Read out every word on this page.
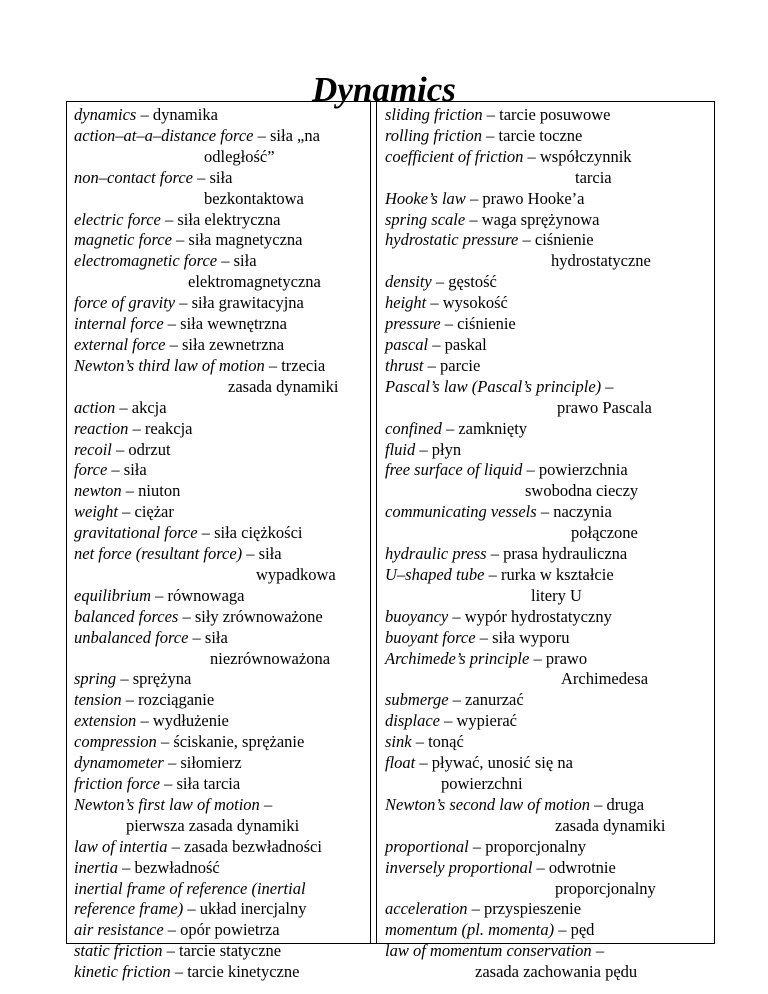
Dynamics

dynamics – dynamika

action–at–a–distance force – siła „na

odległość”

non–contact force – siła

bezkontaktowa

electric force – siła elektryczna

magnetic force – siła magnetyczna

electromagnetic force – siła

elektromagnetyczna

force of gravity – siła grawitacyjna

internal force – siła wewnętrzna

external force – siła zewnetrzna

Newton’s third law of motion – trzecia

zasada dynamiki

action – akcja

reaction – reakcja

recoil – odrzut

force – siła

newton – niuton

weight – ciężar

gravitational force – siła ciężkości

net force (resultant force) – siła

wypadkowa

equilibrium – równowaga

balanced forces – siły zrównoważone

unbalanced force – siła

niezrównoważona

spring – sprężyna

tension – rozciąganie

extension – wydłużenie

compression – ściskanie, sprężanie

dynamometer – siłomierz

friction force – siła tarcia

Newton’s first law of motion –

pierwsza zasada dynamiki

law of intertia – zasada bezwładności

inertia – bezwładność

inertial frame of reference (inertial

reference frame) – układ inercjalny

air resistance – opór powietrza

static friction – tarcie statyczne

kinetic friction – tarcie kinetyczne

sliding friction – tarcie posuwowe

rolling friction – tarcie toczne

coefficient of friction – współczynnik

tarcia

Hooke’s law – prawo Hooke’a

spring scale – waga sprężynowa

hydrostatic pressure – ciśnienie

hydrostatyczne

density – gęstość

height – wysokość

pressure – ciśnienie

pascal – paskal

thrust – parcie

Pascal’s law (Pascal’s principle) –

prawo Pascala

confined – zamknięty

fluid – płyn

free surface of liquid – powierzchnia

swobodna cieczy

communicating vessels – naczynia

połączone

hydraulic press – prasa hydrauliczna

U–shaped tube – rurka w kształcie

litery U

buoyancy – wypór hydrostatyczny

buoyant force – siła wyporu

Archimede’s principle – prawo

Archimedesa

submerge – zanurzać

displace – wypierać

sink – tonąć

float – pływać, unosić się na

powierzchni

Newton’s second law of motion – druga

zasada dynamiki

proportional – proporcjonalny

inversely proportional – odwrotnie

proporcjonalny

acceleration – przyspieszenie

momentum (pl. momenta) – pęd

law of momentum conservation –

zasada zachowania pędu
